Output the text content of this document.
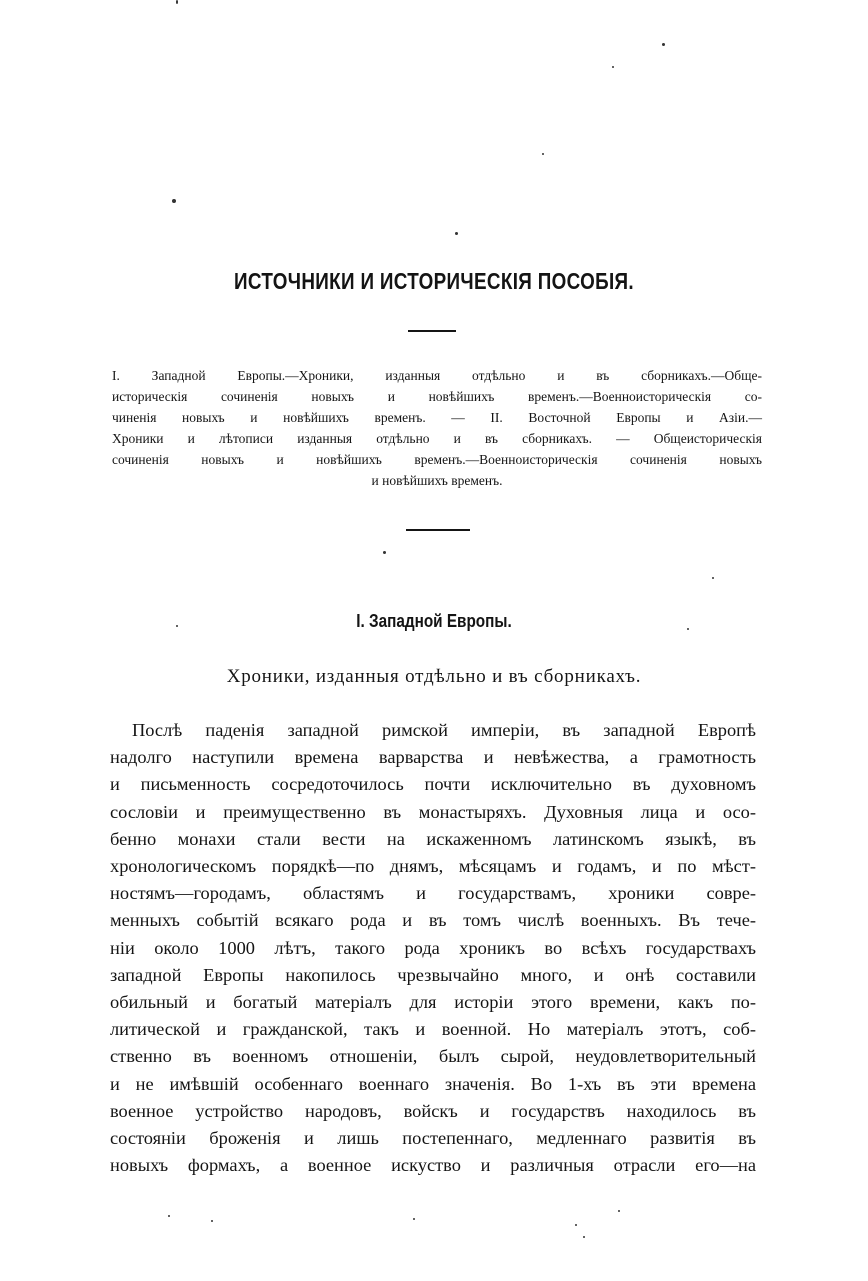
ИСТОЧНИКИ И ИСТОРИЧЕСКІЯ ПОСОБІЯ.
I. Западной Европы.—Хроники, изданныя отдѣльно и въ сборникахъ.—Обще-
историческія сочиненія новыхъ и новѣйшихъ временъ.—Военноисторическія со-
чиненія новыхъ и новѣйшихъ временъ. — II. Восточной Европы и Азіи.—
Хроники и лѣтописи изданныя отдѣльно и въ сборникахъ. — Общеисторическія
сочиненія новыхъ и новѣйшихъ временъ.—Военноисторическія сочиненія новыхъ
и новѣйшихъ временъ.
I. Западной Европы.
Хроники, изданныя отдѣльно и въ сборникахъ.
Послѣ паденія западной римской имперіи, въ западной Европѣ
надолго наступили времена варварства и невѣжества, а грамотность
и письменность сосредоточилось почти исключительно въ духовномъ
сословіи и преимущественно въ монастыряхъ. Духовныя лица и осо-
бенно монахи стали вести на искаженномъ латинскомъ языкѣ, въ
хронологическомъ порядкѣ—по днямъ, мѣсяцамъ и годамъ, и по мѣст-
ностямъ—городамъ, областямъ и государствамъ, хроники совре-
менныхъ событій всякаго рода и въ томъ числѣ военныхъ. Въ тече-
ніи около 1000 лѣтъ, такого рода хроникъ во всѣхъ государствахъ
западной Европы накопилось чрезвычайно много, и онѣ составили
обильный и богатый матеріалъ для исторіи этого времени, какъ по-
литической и гражданской, такъ и военной. Но матеріалъ этотъ, соб-
ственно въ военномъ отношеніи, былъ сырой, неудовлетворительный
и не имѣвшій особеннаго военнаго значенія. Во 1-хъ въ эти времена
военное устройство народовъ, войскъ и государствъ находилось въ
состояніи броженія и лишь постепеннаго, медленнаго развитія въ
новыхъ формахъ, а военное искуство и различныя отрасли его—на
